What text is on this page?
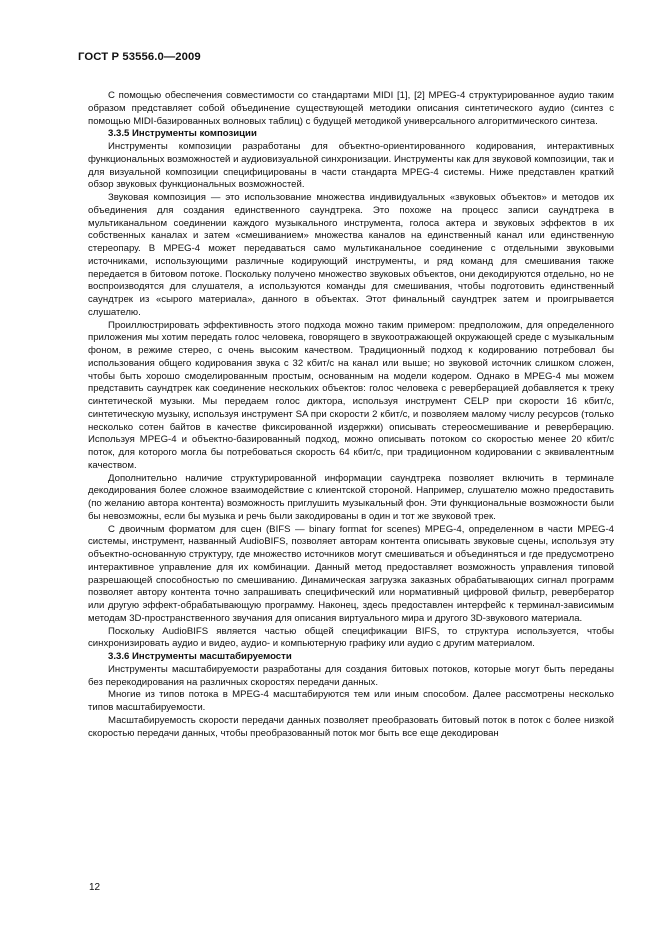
ГОСТ Р 53556.0—2009

С помощью обеспечения совместимости со стандартами MIDI [1], [2] MPEG-4 структурированное аудио таким образом представляет собой объединение существующей методики описания синтетического аудио (синтез с помощью MIDI-базированных волновых таблиц) с будущей методикой универсального алгоритмического синтеза.

3.3.5 Инструменты композиции

Инструменты композиции разработаны для объектно-ориентированного кодирования, интерактивных функциональных возможностей и аудиовизуальной синхронизации. Инструменты как для звуковой композиции, так и для визуальной композиции специфицированы в части стандарта MPEG-4 системы. Ниже представлен краткий обзор звуковых функциональных возможностей.

Звуковая композиция — это использование множества индивидуальных «звуковых объектов» и методов их объединения для создания единственного саундтрека. Это похоже на процесс записи саундтрека в мультиканальном соединении каждого музыкального инструмента, голоса актера и звуковых эффектов в их собственных каналах и затем «смешиванием» множества каналов на единственный канал или единственную стереопару. В MPEG-4 может передаваться само мультиканальное соединение с отдельными звуковыми источниками, использующими различные кодирующий инструменты, и ряд команд для смешивания также передается в битовом потоке. Поскольку получено множество звуковых объектов, они декодируются отдельно, но не воспроизводятся для слушателя, а используются команды для смешивания, чтобы подготовить единственный саундтрек из «сырого материала», данного в объектах. Этот финальный саундтрек затем и проигрывается слушателю.

Проиллюстрировать эффективность этого подхода можно таким примером: предположим, для определенного приложения мы хотим передать голос человека, говорящего в звукоотражающей окружающей среде с музыкальным фоном, в режиме стерео, с очень высоким качеством. Традиционный подход к кодированию потребовал бы использования общего кодирования звука с 32 кбит/с на канал или выше; но звуковой источник слишком сложен, чтобы быть хорошо смоделированным простым, основанным на модели кодером. Однако в MPEG-4 мы можем представить саундтрек как соединение нескольких объектов: голос человека с реверберацией добавляется к треку синтетической музыки. Мы передаем голос диктора, используя инструмент CELP при скорости 16 кбит/с, синтетическую музыку, используя инструмент SA при скорости 2 кбит/с, и позволяем малому числу ресурсов (только несколько сотен байтов в качестве фиксированной издержки) описывать стереосмешивание и реверберацию. Используя MPEG-4 и объектно-базированный подход, можно описывать потоком со скоростью менее 20 кбит/с поток, для которого могла бы потребоваться скорость 64 кбит/с, при традиционном кодировании с эквивалентным качеством.

Дополнительно наличие структурированной информации саундтрека позволяет включить в терминале декодирования более сложное взаимодействие с клиентской стороной. Например, слушателю можно предоставить (по желанию автора контента) возможность приглушить музыкальный фон. Эти функциональные возможности были бы невозможны, если бы музыка и речь были закодированы в один и тот же звуковой трек.

С двоичным форматом для сцен (BIFS — binary format for scenes) MPEG-4, определенном в части MPEG-4 системы, инструмент, названный AudioBIFS, позволяет авторам контента описывать звуковые сцены, используя эту объектно-основанную структуру, где множество источников могут смешиваться и объединяться и где предусмотрено интерактивное управление для их комбинации. Данный метод предоставляет возможность управления типовой разрешающей способностью по смешиванию. Динамическая загрузка заказных обрабатывающих сигнал программ позволяет автору контента точно запрашивать специфический или нормативный цифровой фильтр, ревербератор или другую эффект-обрабатывающую программу. Наконец, здесь предоставлен интерфейс к терминал-зависимым методам 3D-пространственного звучания для описания виртуального мира и другого 3D-звукового материала.

Поскольку AudioBIFS является частью общей спецификации BIFS, то структура используется, чтобы синхронизировать аудио и видео, аудио- и компьютерную графику или аудио с другим материалом.

3.3.6 Инструменты масштабируемости

Инструменты масштабируемости разработаны для создания битовых потоков, которые могут быть переданы без перекодирования на различных скоростях передачи данных.

Многие из типов потока в MPEG-4 масштабируются тем или иным способом. Далее рассмотрены несколько типов масштабируемости.

Масштабируемость скорости передачи данных позволяет преобразовать битовый поток в поток с более низкой скоростью передачи данных, чтобы преобразованный поток мог быть все еще декодирован

12
